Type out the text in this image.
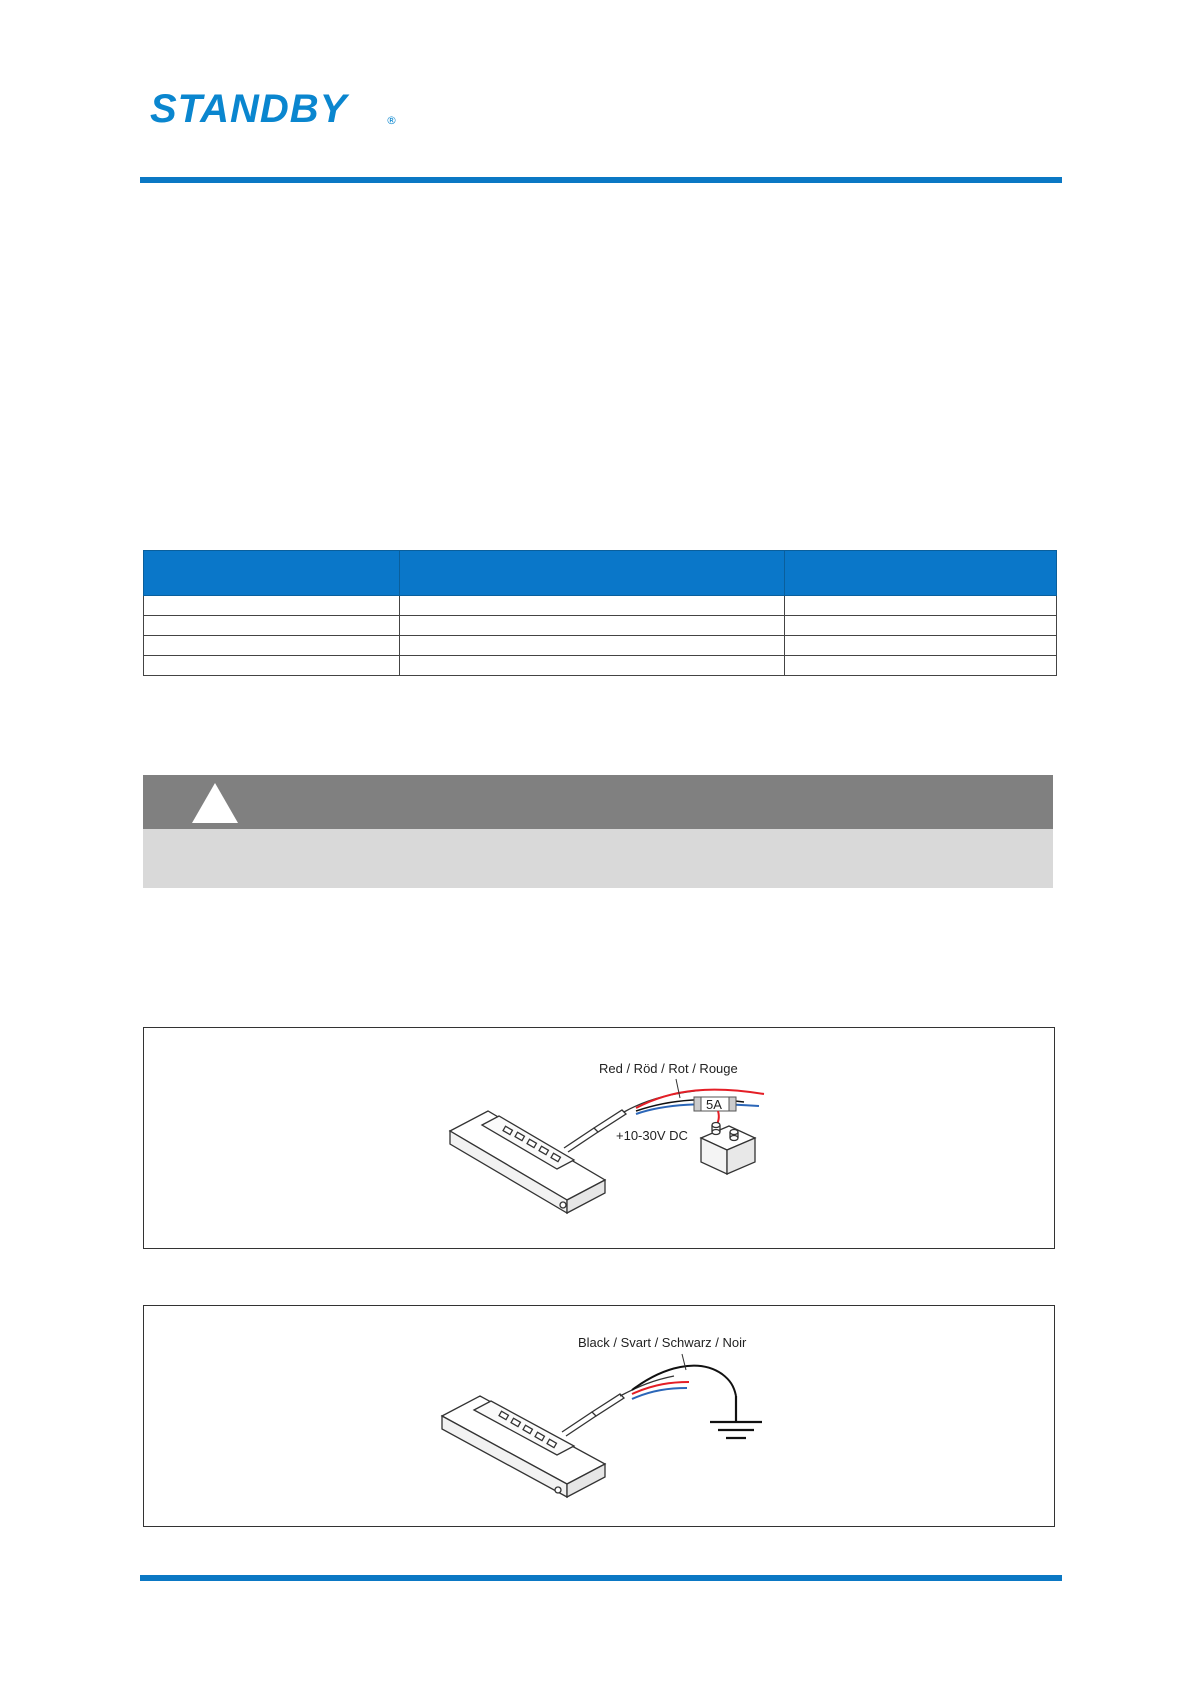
STANDBY	®

5A
Red / Röd / Rot / Rouge
+10-30V DC
Black / Svart / Schwarz / Noir
